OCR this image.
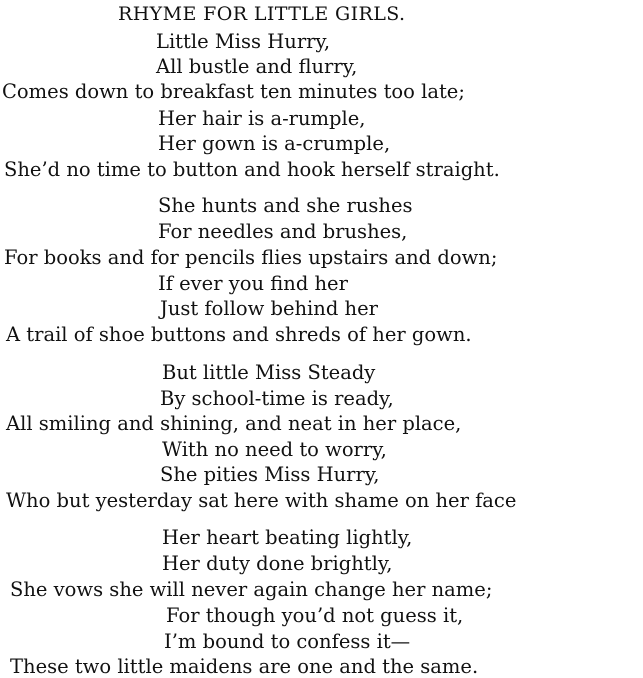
RHYME FOR LITTLE GIRLS.
Little Miss Hurry,
All bustle and flurry,
Comes down to breakfast ten minutes too late;
Her hair is a-rumple,
Her gown is a-crumple,
She’d no time to button and hook herself straight.
She hunts and she rushes
For needles and brushes,
For books and for pencils flies upstairs and down;
If ever you find her
Just follow behind her
A trail of shoe buttons and shreds of her gown.
But little Miss Steady
By school-time is ready,
All smiling and shining, and neat in her place,
With no need to worry,
She pities Miss Hurry,
Who but yesterday sat here with shame on her face
Her heart beating lightly,
Her duty done brightly,
She vows she will never again change her name;
For though you’d not guess it,
I’m bound to confess it—
These two little maidens are one and the same.
